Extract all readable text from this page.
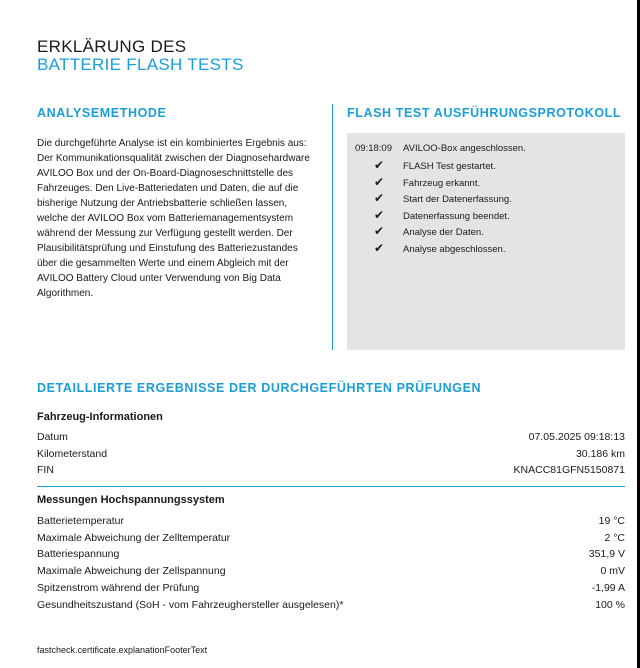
ERKLÄRUNG DES
BATTERIE FLASH TESTS
ANALYSEMETHODE
Die durchgeführte Analyse ist ein kombiniertes Ergebnis aus: Der Kommunikationsqualität zwischen der Diagnosehardware AVILOO Box und der On-Board-Diagnoseschnittstelle des Fahrzeuges. Den Live-Batteriedaten und Daten, die auf die bisherige Nutzung der Antriebsbatterie schließen lassen, welche der AVILOO Box vom Batteriemanagementsystem während der Messung zur Verfügung gestellt werden. Der Plausibilitätsprüfung und Einstufung des Batteriezustandes über die gesammelten Werte und einem Abgleich mit der AVILOO Battery Cloud unter Verwendung von Big Data Algorithmen.
FLASH TEST AUSFÜHRUNGSPROTOKOLL
09:18:09 AVILOO-Box angeschlossen.
✔ FLASH Test gestartet.
✔ Fahrzeug erkannt.
✔ Start der Datenerfassung.
✔ Datenerfassung beendet.
✔ Analyse der Daten.
✔ Analyse abgeschlossen.
DETAILLIERTE ERGEBNISSE DER DURCHGEFÜHRTEN PRÜFUNGEN
Fahrzeug-Informationen
Datum	07.05.2025 09:18:13
Kilometerstand	30.186 km
FIN	KNACC81GFN5150871
Messungen Hochspannungssystem
Batterietemperatur	19 °C
Maximale Abweichung der Zelltemperatur	2 °C
Batteriespannung	351,9 V
Maximale Abweichung der Zellspannung	0 mV
Spitzenstrom während der Prüfung	-1,99 A
Gesundheitszustand (SoH - vom Fahrzeughersteller ausgelesen)*	100 %
fastcheck.certificate.explanationFooterText
